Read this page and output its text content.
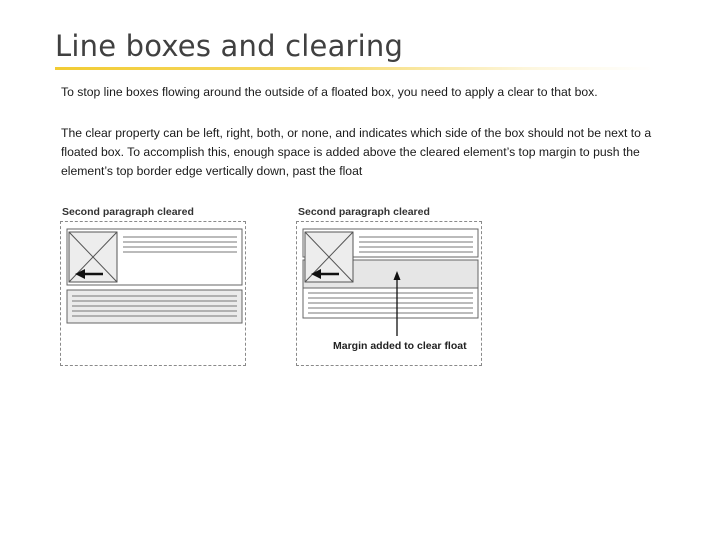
Line boxes and clearing
To stop line boxes flowing around the outside of a floated box, you need to apply a clear to that box.
The clear property can be left, right, both, or none, and indicates which side of the box should not be next to a floated box. To accomplish this, enough space is added above the cleared element’s top margin to push the element’s top border edge vertically down, past the float
Second paragraph cleared	Second paragraph cleared
Margin added to clear float
